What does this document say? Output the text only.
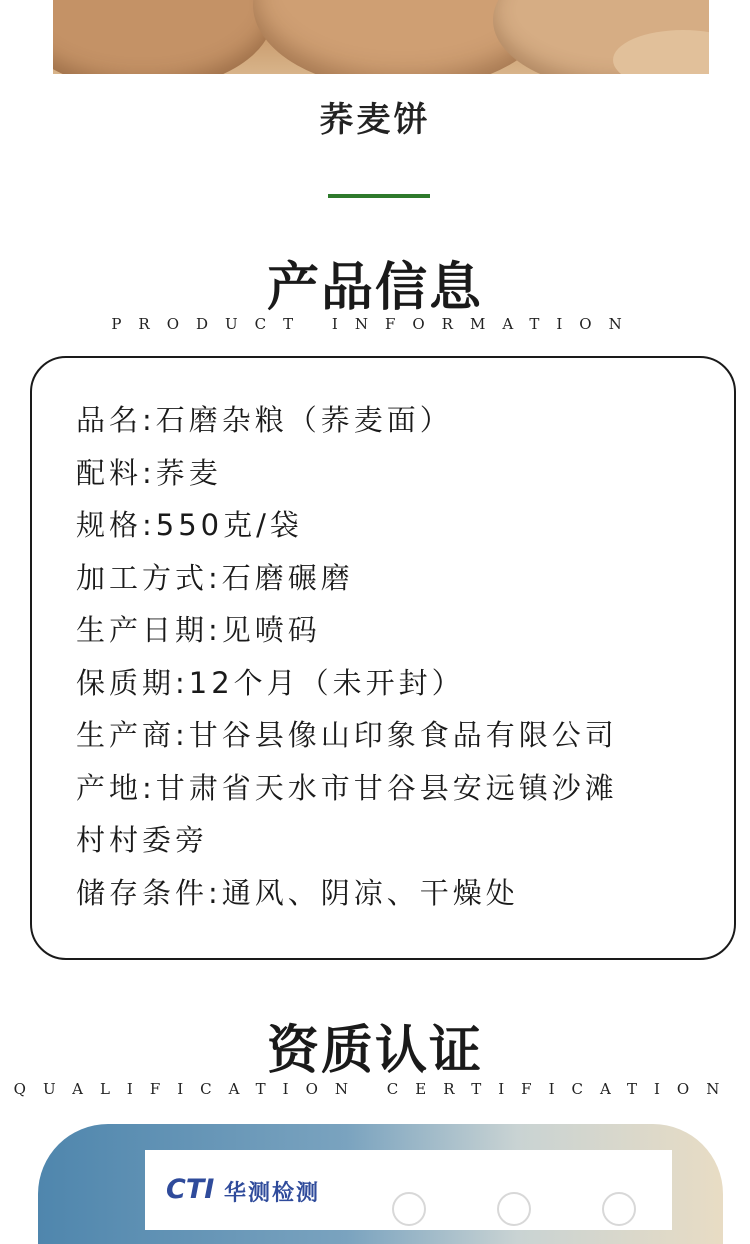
荞麦饼
产品信息
PRODUCT INFORMATION
品名:石磨杂粮（荞麦面）
配料:荞麦
规格:550克/袋
加工方式:石磨碾磨
生产日期:见喷码
保质期:12个月（未开封）
生产商:甘谷县像山印象食品有限公司
产地:甘肃省天水市甘谷县安远镇沙滩
村村委旁
储存条件:通风、阴凉、干燥处
资质认证
QUALIFICATION CERTIFICATION
CTI 华测检测
